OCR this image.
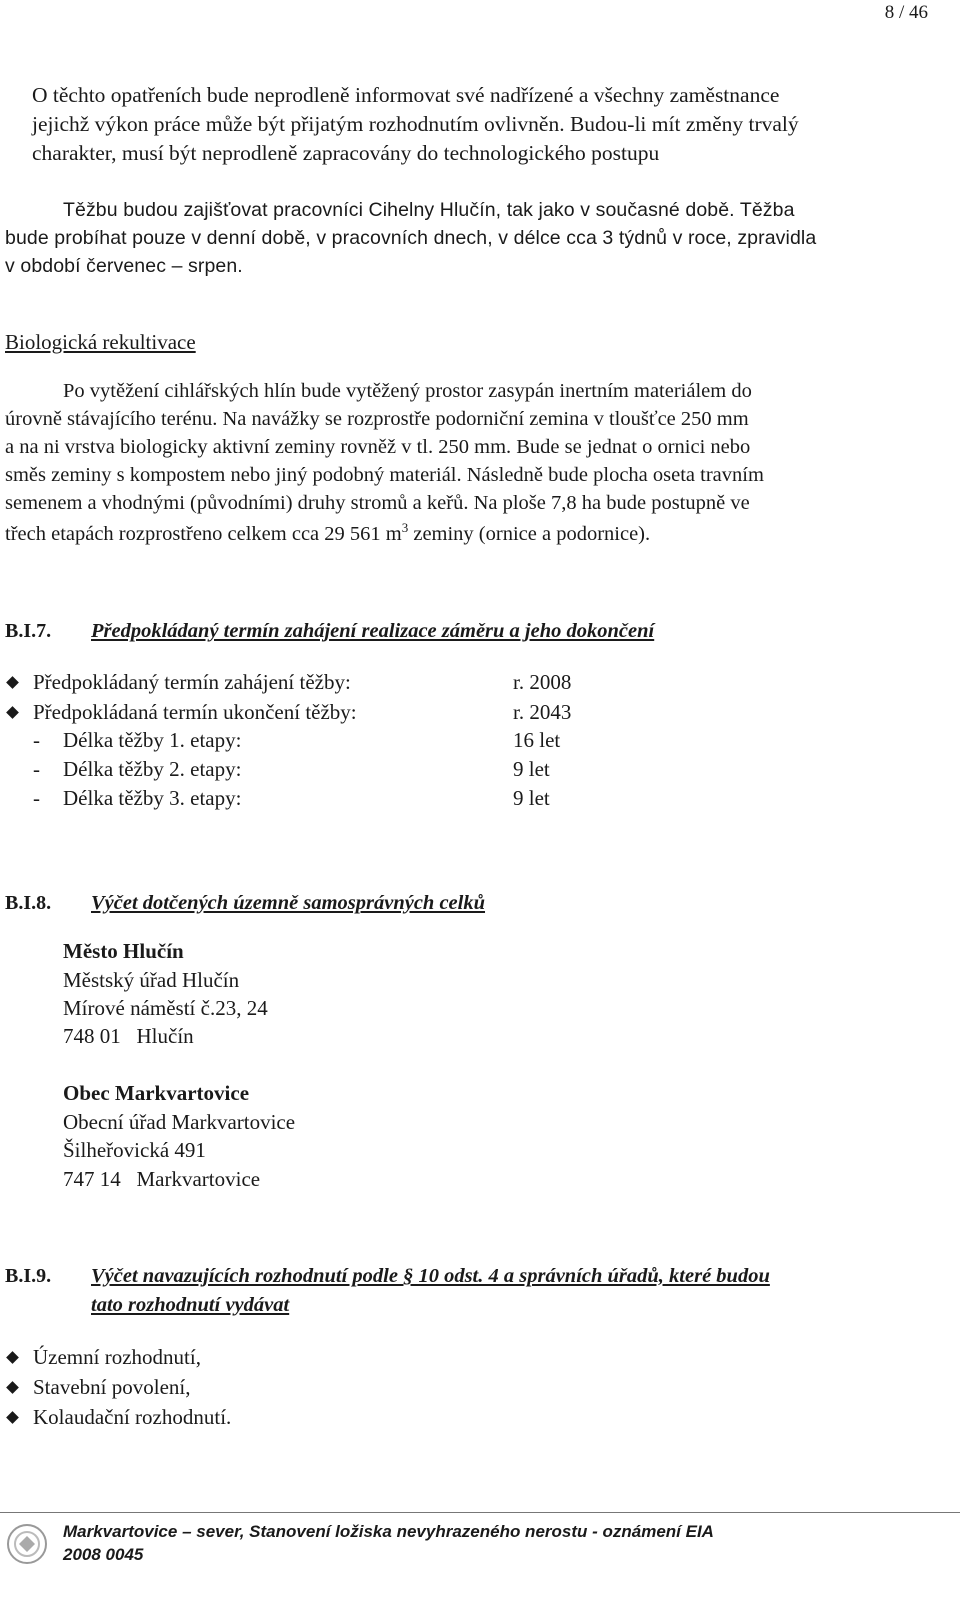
8 / 46
O těchto opatřeních bude neprodleně informovat své nadřízené a všechny zaměstnance
jejichž výkon práce může být přijatým rozhodnutím ovlivněn. Budou-li mít změny trvalý
charakter, musí být neprodleně zapracovány do technologického postupu
Těžbu budou zajišťovat pracovníci Cihelny Hlučín, tak jako v současné době. Těžba
bude probíhat pouze v denní době, v pracovních dnech, v délce cca 3 týdnů v roce, zpravidla
v období červenec – srpen.
Biologická rekultivace
Po vytěžení cihlářských hlín bude vytěžený prostor zasypán inertním materiálem do
úrovně stávajícího terénu. Na navážky se rozprostře podorniční zemina v tloušťce 250 mm
a na ni vrstva biologicky aktivní zeminy rovněž v tl. 250 mm. Bude se jednat o ornici nebo
směs zeminy s kompostem nebo jiný podobný materiál. Následně bude plocha oseta travním
semenem a vhodnými (původními) druhy stromů a keřů. Na ploše 7,8 ha bude postupně ve
třech etapách rozprostřeno celkem cca 29 561 $m^3$ zeminy (ornice a podornice).
B.I.7. Předpokládaný termín zahájení realizace záměru a jeho dokončení
Předpokládaný termín zahájení těžby:	r. 2008
Předpokládaná termín ukončení těžby:	r. 2043
- Délka těžby 1. etapy:	16 let
- Délka těžby 2. etapy:	9 let
- Délka těžby 3. etapy:	9 let
B.I.8. Výčet dotčených územně samosprávných celků
Město Hlučín
Městský úřad Hlučín
Mírové náměstí č.23, 24
748 01   Hlučín
Obec Markvartovice
Obecní úřad Markvartovice
Šilheřovická 491
747 14   Markvartovice
B.I.9. Výčet navazujících rozhodnutí podle § 10 odst. 4 a správních úřadů, které budou
tato rozhodnutí vydávat
Územní rozhodnutí,
Stavební povolení,
Kolaudační rozhodnutí.
Markvartovice – sever, Stanovení ložiska nevyhrazeného nerostu - oznámení EIA
2008 0045
